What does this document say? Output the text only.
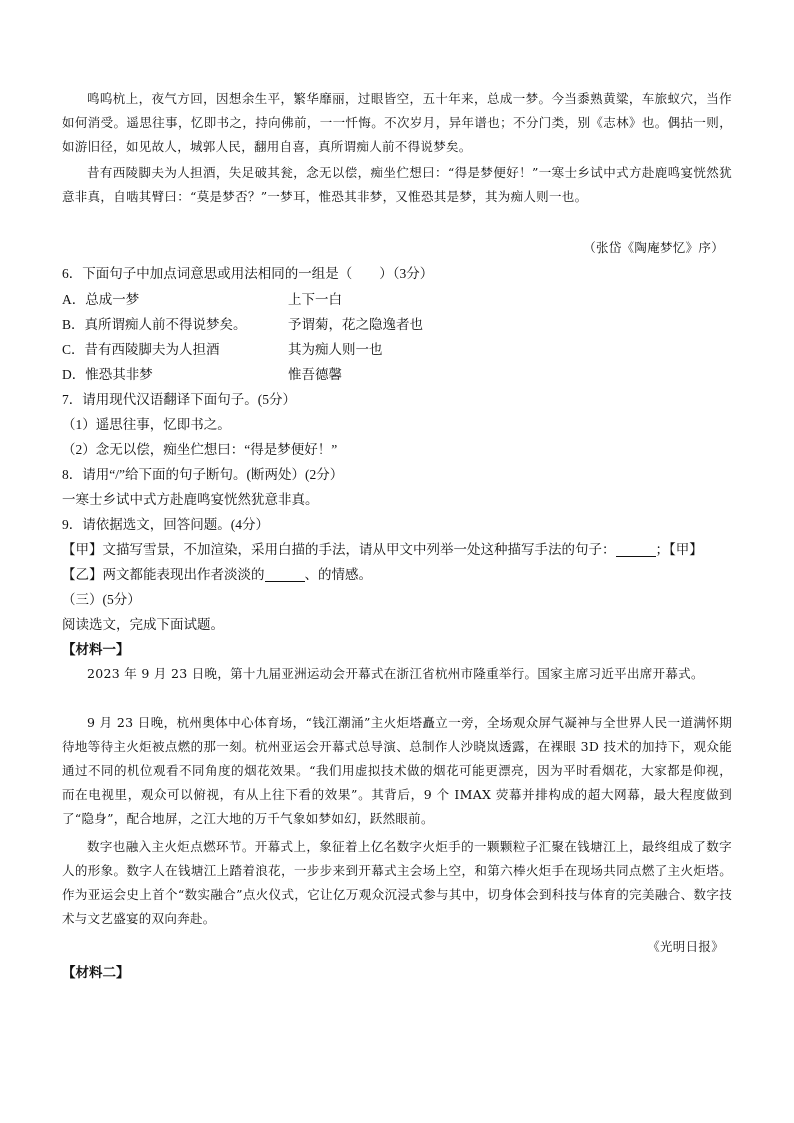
鸣呜杭上，夜气方回，因想余生平，繁华靡丽，过眼皆空，五十年来，总成一梦。今当黍熟黄粱，车旅蚁穴，当作如何消受。遥思往事，忆即书之，持向佛前，一一忏悔。不次岁月，异年谱也；不分门类，别《志林》也。偶拈一则，如游旧径，如见故人，城郭人民，翻用自喜，真所谓痴人前不得说梦矣。
昔有西陵脚夫为人担酒，失足破其瓮，念无以偿，痴坐伫想曰：“得是梦便好！”一寒士乡试中式方赴鹿鸣宴恍然犹意非真，自啮其臂曰：“莫是梦否？”一梦耳，惟恐其非梦，又惟恐其是梦，其为痴人则一也。
（张岱《陶庵梦忆》序）
6．下面句子中加点词意思或用法相同的一组是（　　）（3分）
A．总成一梦	上下一白
B．真所谓痴人前不得说梦矣。	予谓菊，花之隐逸者也
C．昔有西陵脚夫为人担酒	其为痴人则一也
D．惟恐其非梦	惟吾德馨
7．请用现代汉语翻译下面句子。(5分）
（1）遥思往事，忆即书之。
（2）念无以偿，痴坐伫想曰：“得是梦便好！”
8．请用“/”给下面的句子断句。(断两处）(2分）
一寒士乡试中式方赴鹿鸣宴恍然犹意非真。
9．请依据选文，回答问题。(4分）
【甲】文描写雪景，不加渲染，采用白描的手法，请从甲文中列举一处这种描写手法的句子：	；【甲】
【乙】两文都能表现出作者淡淡的	、的情感。
（三）(5分）
阅读选文，完成下面试题。
【材料一】
2023 年 9 月 23 日晚，第十九届亚洲运动会开幕式在浙江省杭州市隆重举行。国家主席习近平出席开幕式。
9 月 23 日晚，杭州奥体中心体育场，“钱江潮涌”主火炬塔矗立一旁，全场观众屏气凝神与全世界人民一道满怀期待地等待主火炬被点燃的那一刻。杭州亚运会开幕式总导演、总制作人沙晓岚透露，在裸眼 3D 技术的加持下，观众能通过不同的机位观看不同角度的烟花效果。“我们用虚拟技术做的烟花可能更漂亮，因为平时看烟花，大家都是仰视，而在电视里，观众可以俯视，有从上往下看的效果”。其背后，9 个 IMAX 荧幕并排构成的超大网幕，最大程度做到了“隐身”，配合地屏，之江大地的万千气象如梦如幻，跃然眼前。
数字也融入主火炬点燃环节。开幕式上，象征着上亿名数字火炬手的一颗颗粒子汇聚在钱塘江上，最终组成了数字人的形象。数字人在钱塘江上踏着浪花，一步步来到开幕式主会场上空，和第六棒火炬手在现场共同点燃了主火炬塔。作为亚运会史上首个“数实融合”点火仪式，它让亿万观众沉浸式参与其中，切身体会到科技与体育的完美融合、数字技术与文艺盛宴的双向奔赴。
《光明日报》
【材料二】
